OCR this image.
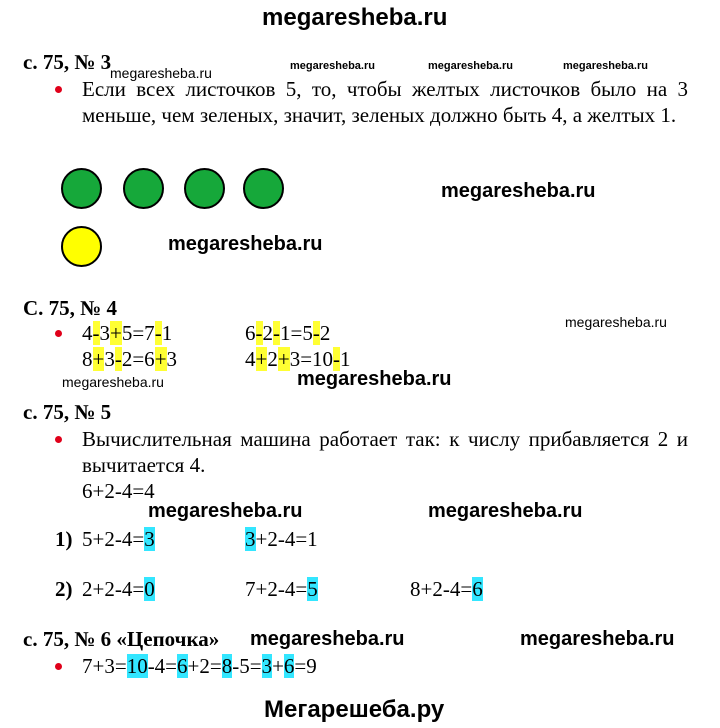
megaresheba.ru
с. 75, № 3	megaresheba.ru	megaresheba.ru	megaresheba.ru
megaresheba.ru
Если всех листочков 5, то, чтобы желтых листочков было на 3 меньше, чем зеленых, значит, зеленых должно быть 4, а желтых 1.
megaresheba.ru
megaresheba.ru
С. 75, № 4
megaresheba.ru
4-3+5=7-1	6-2-1=5-2
8+3-2=6+3	4+2+3=10-1
megaresheba.ru	megaresheba.ru
с. 75, № 5
Вычислительная машина работает так: к числу прибавляется 2 и вычитается 4.
6+2-4=4
megaresheba.ru	megaresheba.ru
1) 5+2-4=3	3+2-4=1
2) 2+2-4=0	7+2-4=5	8+2-4=6
с. 75, № 6 «Цепочка» megaresheba.ru	megaresheba.ru
7+3=10-4=6+2=8-5=3+6=9
Мегарешеба.ру
